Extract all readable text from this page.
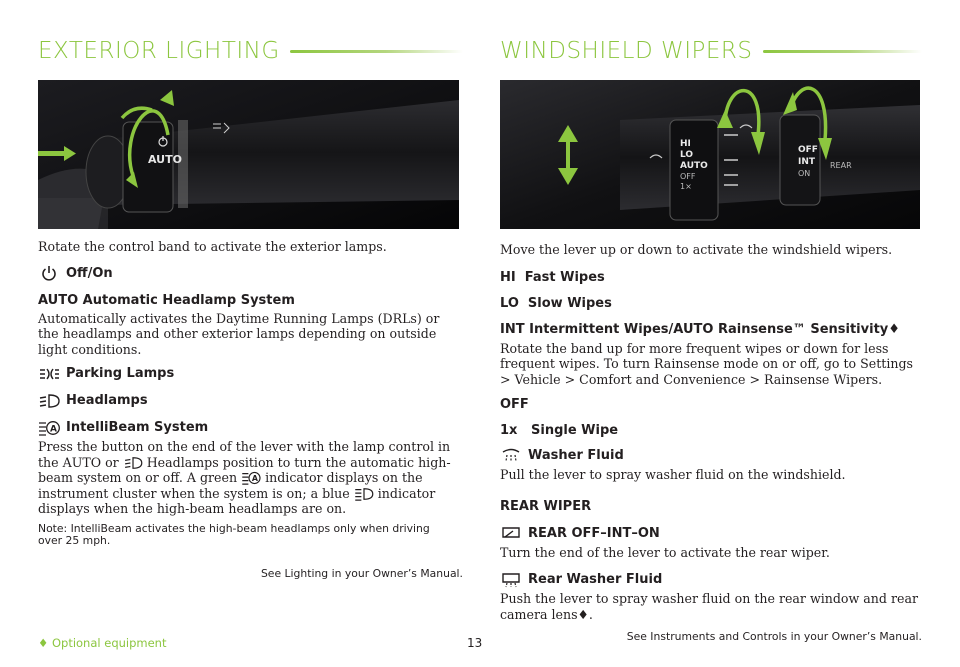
EXTERIOR LIGHTING
AUTO

Rotate the control band to activate the exterior lamps.

Off/On
AUTO Automatic Headlamp System

Automatically activates the Daytime Running Lamps (DRLs) or the headlamps and other exterior lamps depending on outside light conditions.

Parking Lamps
Headlamps
A IntelliBeam System

Press the button on the end of the lever with the lamp control in the AUTO or Headlamps position to turn the automatic high-beam system on or off. A green A indicator displays on the instrument cluster when the system is on; a blue indicator displays when the high-beam headlamps are on.

Note: IntelliBeam activates the high-beam headlamps only when driving over 25 mph.

See Lighting in your Owner’s Manual.

WINDSHIELD WIPERS
HI
LO
AUTO
OFF
1×
OFF
INT
ON
REAR

Move the lever up or down to activate the windshield wipers.

HI  Fast Wipes
LO  Slow Wipes
INT Intermittent Wipes/AUTO Rainsense™ Sensitivity♦

Rotate the band up for more frequent wipes or down for less frequent wipes. To turn Rainsense mode on or off, go to Settings > Vehicle > Comfort and Convenience > Rainsense Wipers.

OFF
1x   Single Wipe
Washer Fluid

Pull the lever to spray washer fluid on the windshield.

REAR WIPER
REAR OFF–INT–ON

Turn the end of the lever to activate the rear wiper.

Rear Washer Fluid

Push the lever to spray washer fluid on the rear window and rear camera lens♦.

♦ Optional equipment	13	See Instruments and Controls in your Owner’s Manual.
